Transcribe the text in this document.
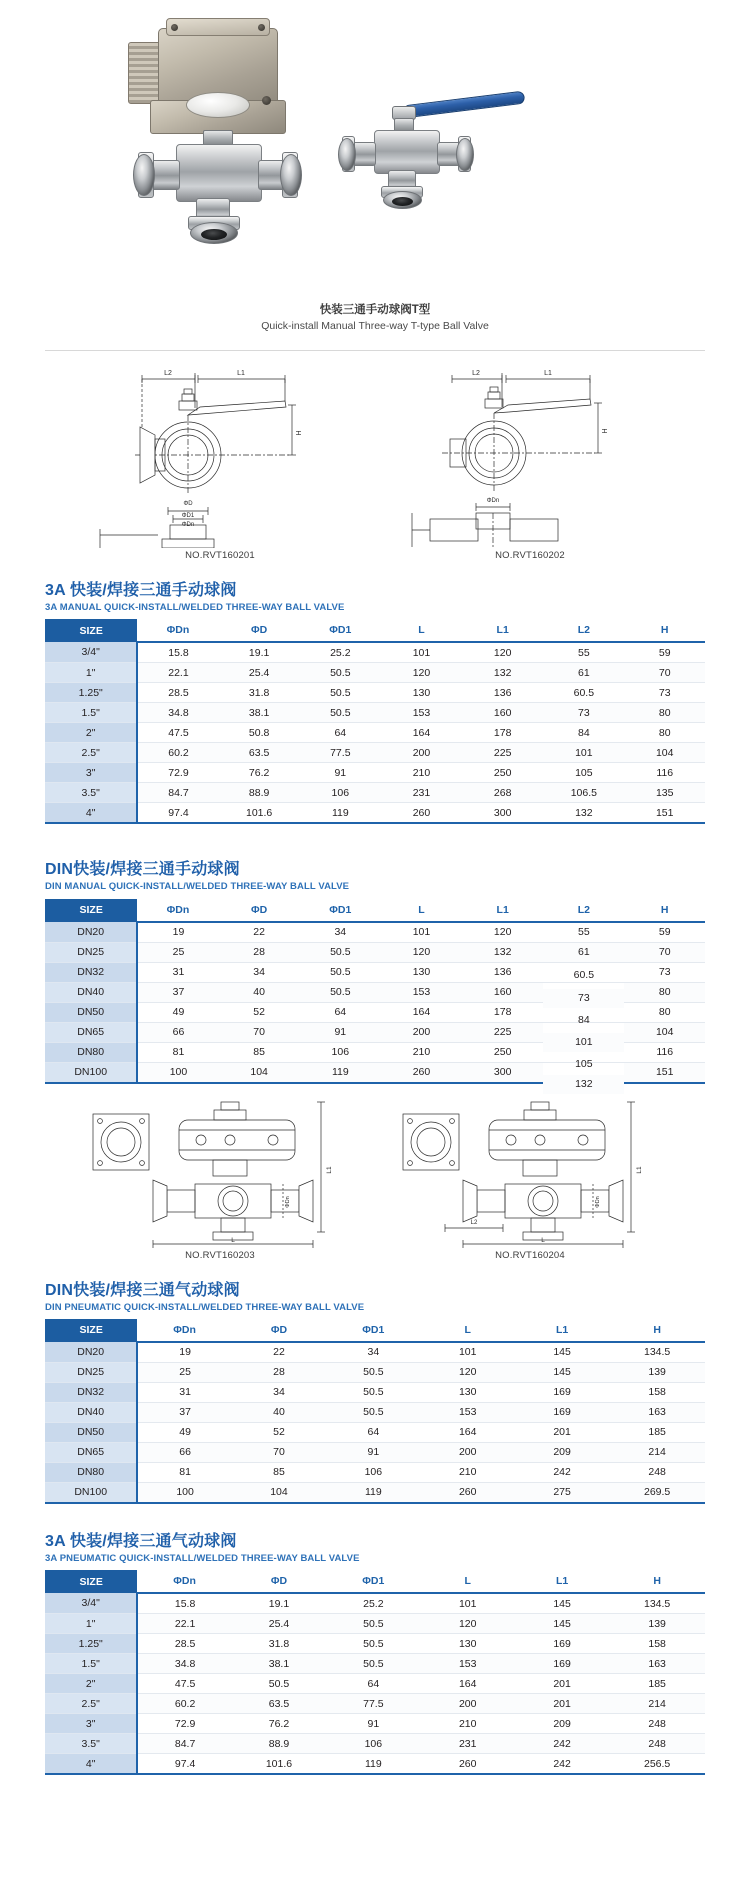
快装三通手动球阀T型
Quick-install Manual Three-way T-type Ball Valve
L2	L1
H
ΦD
ΦD1
ΦDn
NO.RVT160201
L2	L1
H
ΦDn
NO.RVT160202
3A 快装/焊接三通手动球阀
3A MANUAL QUICK-INSTALL/WELDED THREE-WAY BALL VALVE
SIZE	ΦDn	ΦD	ΦD1	L	L1	L2	H
3/4"	15.8	19.1	25.2	101	120	55	59
1"	22.1	25.4	50.5	120	132	61	70
1.25"	28.5	31.8	50.5	130	136	60.5	73
1.5"	34.8	38.1	50.5	153	160	73	80
2"	47.5	50.8	64	164	178	84	80
2.5"	60.2	63.5	77.5	200	225	101	104
3"	72.9	76.2	91	210	250	105	116
3.5"	84.7	88.9	106	231	268	106.5	135
4"	97.4	101.6	119	260	300	132	151
DIN快装/焊接三通手动球阀
DIN MANUAL QUICK-INSTALL/WELDED THREE-WAY BALL VALVE
SIZE	ΦDn	ΦD	ΦD1	L	L1	L2	H
DN20	19	22	34	101	120	55	59
DN25	25	28	50.5	120	132	61	70
DN32	31	34	50.5	130	136	60.5	73
DN40	37	40	50.5	153	160	73	80
DN50	49	52	64	164	178	84	80
DN65	66	70	91	200	225	101	104
DN80	81	85	106	210	250	105	116
DN100	100	104	119	260	300	132	151
L1
L
ΦDn
NO.RVT160203
L1
L
L2
ΦDn
NO.RVT160204
DIN快装/焊接三通气动球阀
DIN PNEUMATIC QUICK-INSTALL/WELDED THREE-WAY BALL VALVE
SIZE	ΦDn	ΦD	ΦD1	L	L1	H
DN20	19	22	34	101	145	134.5
DN25	25	28	50.5	120	145	139
DN32	31	34	50.5	130	169	158
DN40	37	40	50.5	153	169	163
DN50	49	52	64	164	201	185
DN65	66	70	91	200	209	214
DN80	81	85	106	210	242	248
DN100	100	104	119	260	275	269.5
3A 快装/焊接三通气动球阀
3A PNEUMATIC QUICK-INSTALL/WELDED THREE-WAY BALL VALVE
SIZE	ΦDn	ΦD	ΦD1	L	L1	H
3/4"	15.8	19.1	25.2	101	145	134.5
1"	22.1	25.4	50.5	120	145	139
1.25"	28.5	31.8	50.5	130	169	158
1.5"	34.8	38.1	50.5	153	169	163
2"	47.5	50.5	64	164	201	185
2.5"	60.2	63.5	77.5	200	201	214
3"	72.9	76.2	91	210	209	248
3.5"	84.7	88.9	106	231	242	248
4"	97.4	101.6	119	260	242	256.5
